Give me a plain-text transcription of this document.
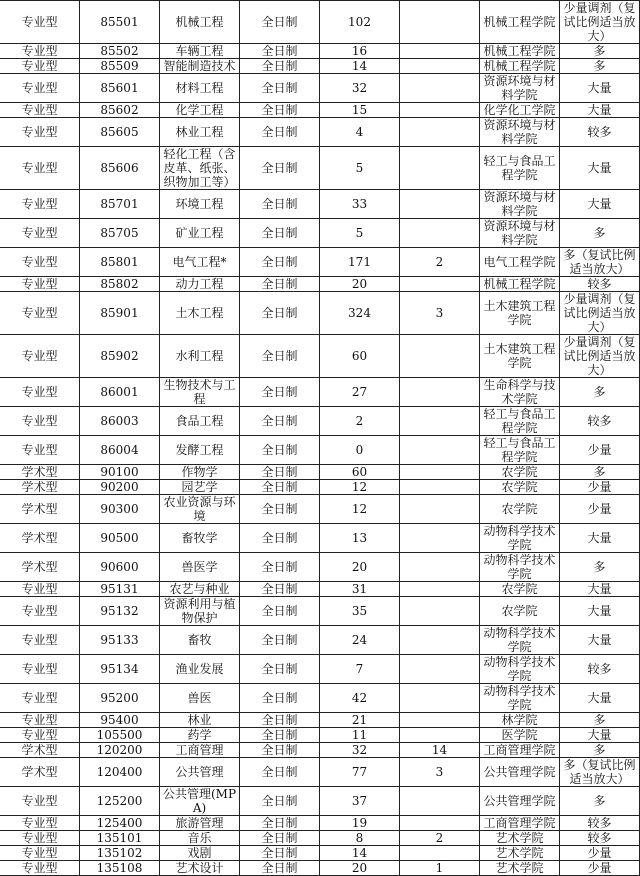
专业型	85501	机械工程	全日制	102		机械工程学院	少量调剂（复试比例适当放大）
专业型	85502	车辆工程	全日制	16		机械工程学院	多
专业型	85509	智能制造技术	全日制	14		机械工程学院	多
专业型	85601	材料工程	全日制	32		资源环境与材料学院	大量
专业型	85602	化学工程	全日制	15		化学化工学院	大量
专业型	85605	林业工程	全日制	4		资源环境与材料学院	较多
专业型	85606	轻化工程（含皮革、纸张、织物加工等）	全日制	5		轻工与食品工程学院	大量
专业型	85701	环境工程	全日制	33		资源环境与材料学院	大量
专业型	85705	矿业工程	全日制	5		资源环境与材料学院	多
专业型	85801	电气工程*	全日制	171	2	电气工程学院	多（复试比例适当放大）
专业型	85802	动力工程	全日制	20		机械工程学院	较多
专业型	85901	土木工程	全日制	324	3	土木建筑工程学院	少量调剂（复试比例适当放大）
专业型	85902	水利工程	全日制	60		土木建筑工程学院	少量调剂（复试比例适当放大）
专业型	86001	生物技术与工程	全日制	27		生命科学与技术学院	多
专业型	86003	食品工程	全日制	2		轻工与食品工程学院	较多
专业型	86004	发酵工程	全日制	0		轻工与食品工程学院	少量
学术型	90100	作物学	全日制	60		农学院	多
学术型	90200	园艺学	全日制	12		农学院	少量
学术型	90300	农业资源与环境	全日制	12		农学院	少量
学术型	90500	畜牧学	全日制	13		动物科学技术学院	大量
学术型	90600	兽医学	全日制	20		动物科学技术学院	多
专业型	95131	农艺与种业	全日制	31		农学院	大量
专业型	95132	资源利用与植物保护	全日制	35		农学院	大量
专业型	95133	畜牧	全日制	24		动物科学技术学院	大量
专业型	95134	渔业发展	全日制	7		动物科学技术学院	较多
专业型	95200	兽医	全日制	42		动物科学技术学院	大量
专业型	95400	林业	全日制	21		林学院	多
专业型	105500	药学	全日制	11		医学院	大量
学术型	120200	工商管理	全日制	32	14	工商管理学院	多
学术型	120400	公共管理	全日制	77	3	公共管理学院	多（复试比例适当放大）
专业型	125200	公共管理(MPA)	全日制	37		公共管理学院	多
专业型	125400	旅游管理	全日制	19		工商管理学院	较多
专业型	135101	音乐	全日制	8	2	艺术学院	较多
专业型	135102	戏剧	全日制	14		艺术学院	少量
专业型	135108	艺术设计	全日制	20	1	艺术学院	少量
